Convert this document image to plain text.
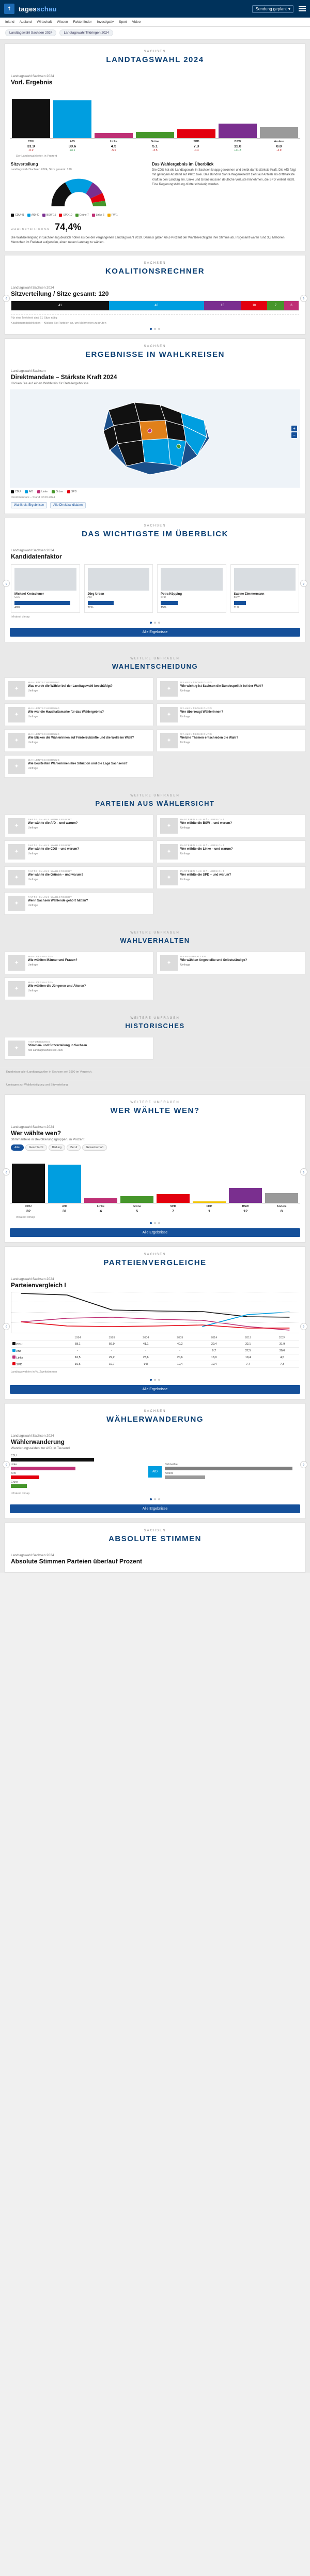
t tagesschau	Sendung geplant ▾
Inland Ausland Wirtschaft Wissen Faktenfinder Investigativ Sport Video
Landtagswahl Sachsen 2024	Landtagswahl Thüringen 2024
SACHSEN
LANDTAGSWAHL 2024
Landtagswahl Sachsen 2024
Vorl. Ergebnis
CDU
31.9
-0.2
AfD
30.6
+3.1
Linke
4.5
-5.9
Grüne
5.1
-3.5
SPD
7.3
-0.4
BSW
11.8
+11.8
Andere
8.8
-4.9
Der Landeswahlleiter, in Prozent
Sitzverteilung
Landtagswahl Sachsen 2024, Sitze gesamt: 120
CDU 41	AfD 40	BSW 15	SPD 10	Grüne 7	Linke 6	FW 1
Das Wahlergebnis im Überblick
Die CDU hat die Landtagswahl in Sachsen knapp gewonnen und bleibt damit stärkste Kraft. Die AfD folgt mit geringem Abstand auf Platz zwei. Das Bündnis Sahra Wagenknecht zieht auf Anhieb als drittstärkste Kraft in den Landtag ein. Linke und Grüne müssen deutliche Verluste hinnehmen, die SPD verliert leicht. Eine Regierungsbildung dürfte schwierig werden.
WAHLBETEILIGUNG 74,4%
Die Wahlbeteiligung in Sachsen lag deutlich höher als bei der vergangenen Landtagswahl 2019. Damals gaben 66,6 Prozent der Wahlberechtigten ihre Stimme ab. Insgesamt waren rund 3,3 Millionen Menschen im Freistaat aufgerufen, einen neuen Landtag zu wählen.
‹	›
SACHSEN
KOALITIONSRECHNER
Landtagswahl Sachsen 2024
Sitzverteilung / Sitze gesamt: 120
41	40	15	10	7	6
Für eine Mehrheit sind 61 Sitze nötig
Koalitionsmöglichkeiten – Klicken Sie Parteien an, um Mehrheiten zu prüfen
SACHSEN
ERGEBNISSE IN WAHLKREISEN
Landtagswahl Sachsen
Direktmandate – Stärkste Kraft 2024
Klicken Sie auf einen Wahlkreis für Detailergebnisse
+
−
CDU	AfD	Linke	Grüne	SPD
Direktmandate – Stand 02.09.2024
Wahlkreis-Ergebnisse	Alle Direktkandidaten
‹	›
SACHSEN
DAS WICHTIGSTE IM ÜBERBLICK
Landtagswahl Sachsen 2024
Kandidatenfaktor
Michael Kretschmer
CDU
48%
Jörg Urban
AfD
22%
Petra Köpping
SPD
15%
Sabine Zimmermann
BSW
11%
Infratest dimap
Alle Ergebnisse
WEITERE UMFRAGEN
WAHLENTSCHEIDUNG
✦
WAHLENTSCHEIDUNG
Was wurde die Wähler bei der Landtagswahl beschäftigt?
Umfrage	✦
WAHLENTSCHEIDUNG
Wie wichtig ist Sachsen die Bundespolitik bei der Wahl?
Umfrage
✦
WAHLENTSCHEIDUNG
Wie war die Haushaltsmarke für das Wahlergebnis?
Umfrage	✦
WAHLENTSCHEIDUNG
Wer überzeugt Wählerinnen?
Umfrage
✦
WAHLENTSCHEIDUNG
Wie blicken die Wählerinnen auf Förderzukünfte und die Welle im Wahl?
Umfrage	✦
WAHLENTSCHEIDUNG
Welche Themen entschieden die Wahl?
Umfrage
✦
WAHLENTSCHEIDUNG
Wie beurteilten Wählerinnen ihre Situation und die Lage Sachsens?
Umfrage
WEITERE UMFRAGEN
PARTEIEN AUS WÄHLERSICHT
✦
PARTEIEN AUS WÄHLERSICHT
Wer wählte die AfD – und warum?
Umfrage	✦
PARTEIEN AUS WÄHLERSICHT
Wer wählte die BSW – und warum?
Umfrage
✦
PARTEIEN AUS WÄHLERSICHT
Wer wählte die CDU – und warum?
Umfrage	✦
PARTEIEN AUS WÄHLERSICHT
Wer wählte die Linke – und warum?
Umfrage
✦
PARTEIEN AUS WÄHLERSICHT
Wer wählte die Grünen – und warum?
Umfrage	✦
PARTEIEN AUS WÄHLERSICHT
Wer wählte die SPD – und warum?
Umfrage
✦
PARTEIEN AUS WÄHLERSICHT
Wenn Sachsen Wählende gehört hätten?
Umfrage
WEITERE UMFRAGEN
WAHLVERHALTEN
✦
WAHLVERHALTEN
Wie wählten Männer und Frauen?
Umfrage	✦
WAHLVERHALTEN
Wie wählten Angestellte und Selbstständige?
Umfrage
✦
WAHLVERHALTEN
Wie wählten die Jüngeren und Älteren?
Umfrage
WEITERE UMFRAGEN
HISTORISCHES
✦
HISTORISCHES
Stimmen- und Sitzverteilung in Sachsen
Alle Landtagswahlen seit 1990
Ergebnisse aller Landtagswahlen in Sachsen seit 1990 im Vergleich.
Umfragen zur Wahlbeteiligung und Sitzverteilung
‹	›
WEITERE UMFRAGEN
WER WÄHLTE WEN?
Landtagswahl Sachsen 2024
Wer wählte wen?
Stimmanteile in Bevölkerungsgruppen, in Prozent
Alter	Geschlecht	Bildung	Beruf	Gewerkschaft
CDU
32
AfD
31
Linke
4
Grüne
5
SPD
7
FDP
1
BSW
12
Andere
8
Infratest dimap
Alle Ergebnisse
‹	›
SACHSEN
PARTEIENVERGLEICHE
Landtagswahl Sachsen 2024
Parteienvergleich I
	1994	1999	2004	2009	2014	2019	2024
CDU	58,1	56,9	41,1	40,2	39,4	32,1	31,9
AfD	-	-	-	-	9,7	27,5	30,6
Linke	16,5	22,2	23,6	20,6	18,9	10,4	4,5
SPD	16,6	10,7	9,8	10,4	12,4	7,7	7,3
Landtagswahlen in %, Zweitstimmen
Alle Ergebnisse
‹	›
SACHSEN
WÄHLERWANDERUNG
Landtagswahl Sachsen 2024
Wählerwanderung
Wanderungssalden zur AfD, in Tausend
CDU
Linke
SPD
Grüne
AfD
Nichtwähler
Andere
Infratest dimap
Alle Ergebnisse
SACHSEN
ABSOLUTE STIMMEN
Landtagswahl Sachsen 2024
Absolute Stimmen Parteien über/auf Prozent
